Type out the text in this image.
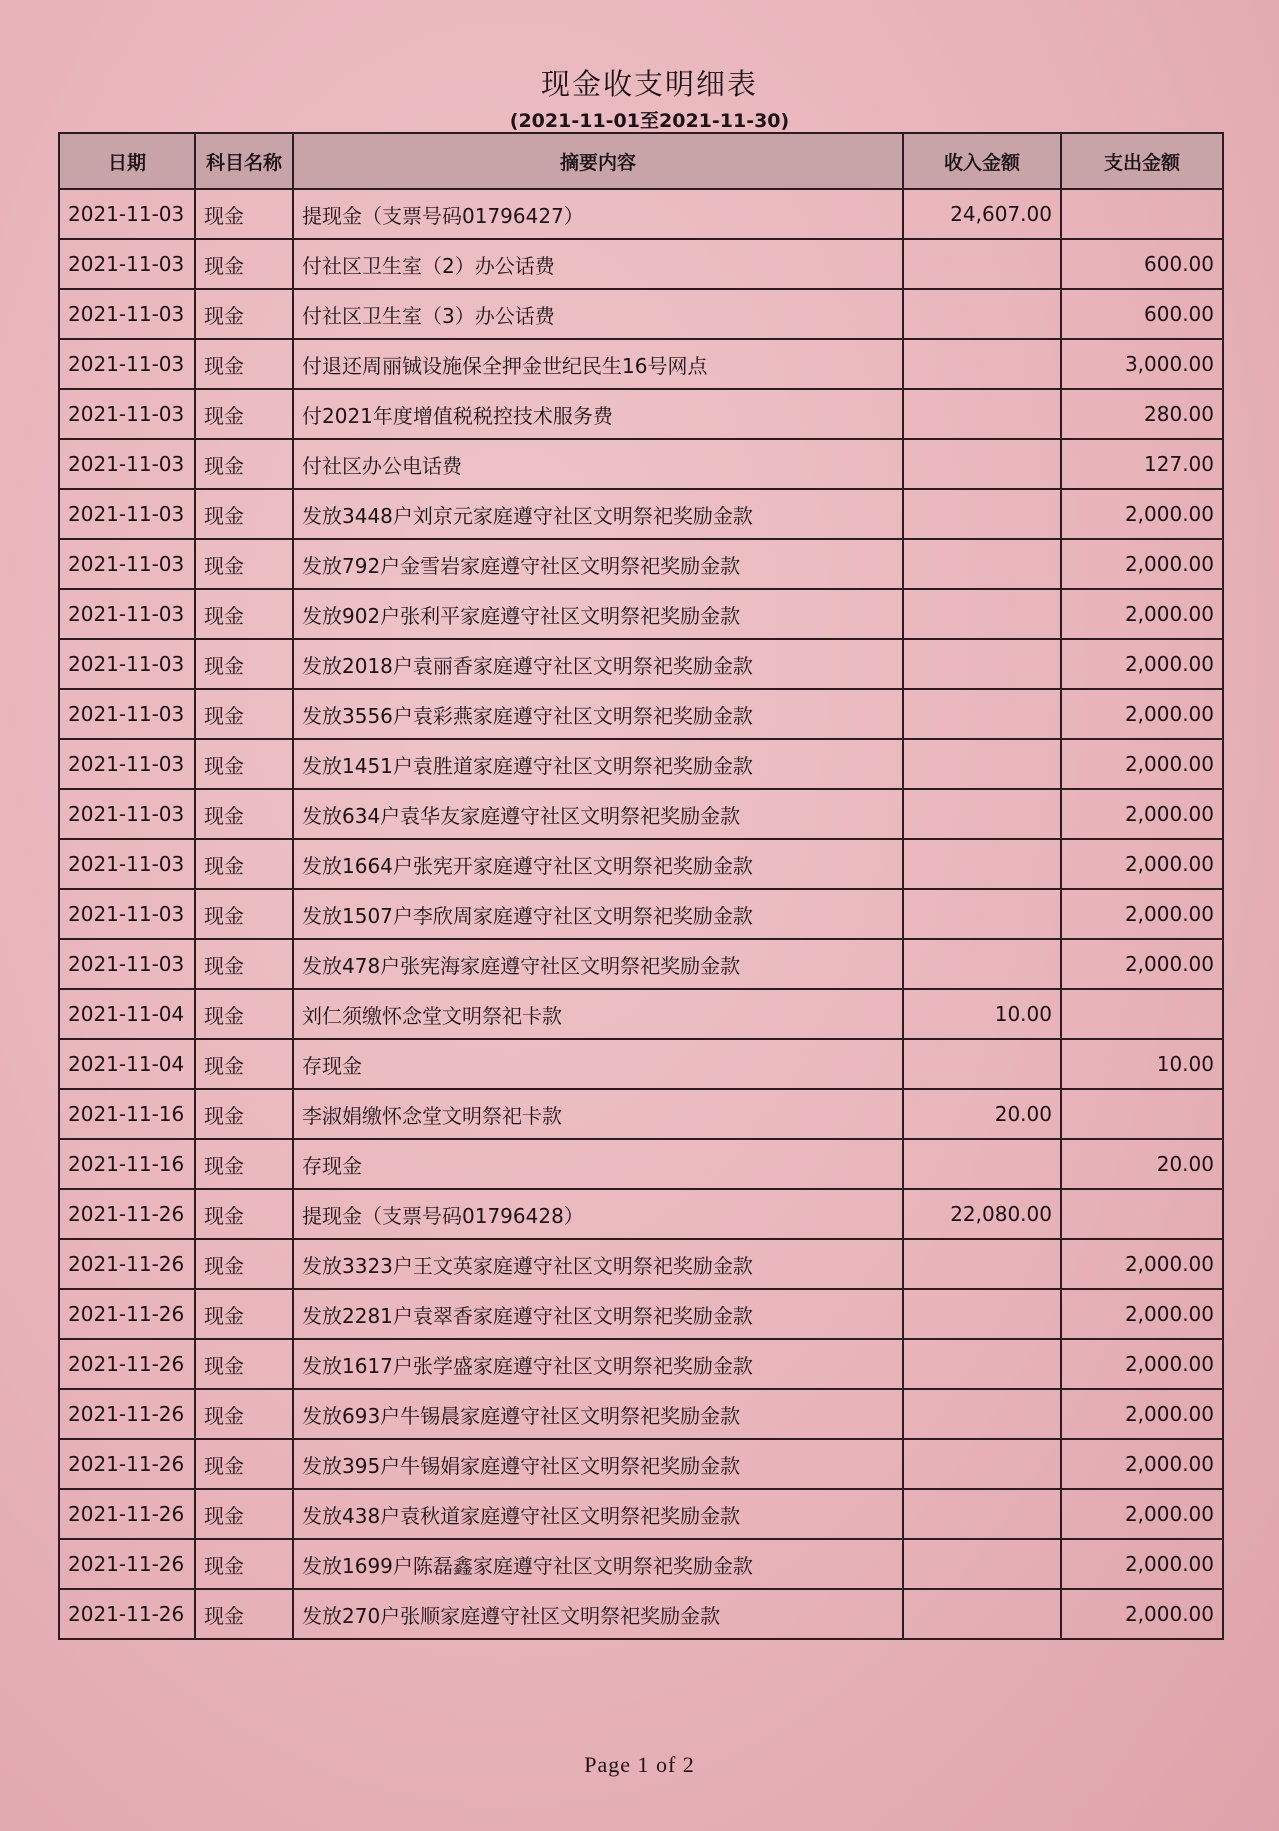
现金收支明细表
(2021-11-01至2021-11-30)
日期	科目名称	摘要内容	收入金额	支出金额
2021-11-03	现金	提现金（支票号码01796427）	24,607.00	
2021-11-03	现金	付社区卫生室（2）办公话费		600.00
2021-11-03	现金	付社区卫生室（3）办公话费		600.00
2021-11-03	现金	付退还周丽铖设施保全押金世纪民生16号网点		3,000.00
2021-11-03	现金	付2021年度增值税税控技术服务费		280.00
2021-11-03	现金	付社区办公电话费		127.00
2021-11-03	现金	发放3448户刘京元家庭遵守社区文明祭祀奖励金款		2,000.00
2021-11-03	现金	发放792户金雪岩家庭遵守社区文明祭祀奖励金款		2,000.00
2021-11-03	现金	发放902户张利平家庭遵守社区文明祭祀奖励金款		2,000.00
2021-11-03	现金	发放2018户袁丽香家庭遵守社区文明祭祀奖励金款		2,000.00
2021-11-03	现金	发放3556户袁彩燕家庭遵守社区文明祭祀奖励金款		2,000.00
2021-11-03	现金	发放1451户袁胜道家庭遵守社区文明祭祀奖励金款		2,000.00
2021-11-03	现金	发放634户袁华友家庭遵守社区文明祭祀奖励金款		2,000.00
2021-11-03	现金	发放1664户张宪开家庭遵守社区文明祭祀奖励金款		2,000.00
2021-11-03	现金	发放1507户李欣周家庭遵守社区文明祭祀奖励金款		2,000.00
2021-11-03	现金	发放478户张宪海家庭遵守社区文明祭祀奖励金款		2,000.00
2021-11-04	现金	刘仁须缴怀念堂文明祭祀卡款	10.00	
2021-11-04	现金	存现金		10.00
2021-11-16	现金	李淑娟缴怀念堂文明祭祀卡款	20.00	
2021-11-16	现金	存现金		20.00
2021-11-26	现金	提现金（支票号码01796428）	22,080.00	
2021-11-26	现金	发放3323户王文英家庭遵守社区文明祭祀奖励金款		2,000.00
2021-11-26	现金	发放2281户袁翠香家庭遵守社区文明祭祀奖励金款		2,000.00
2021-11-26	现金	发放1617户张学盛家庭遵守社区文明祭祀奖励金款		2,000.00
2021-11-26	现金	发放693户牛锡晨家庭遵守社区文明祭祀奖励金款		2,000.00
2021-11-26	现金	发放395户牛锡娟家庭遵守社区文明祭祀奖励金款		2,000.00
2021-11-26	现金	发放438户袁秋道家庭遵守社区文明祭祀奖励金款		2,000.00
2021-11-26	现金	发放1699户陈磊鑫家庭遵守社区文明祭祀奖励金款		2,000.00
2021-11-26	现金	发放270户张顺家庭遵守社区文明祭祀奖励金款		2,000.00
Page 1 of 2
